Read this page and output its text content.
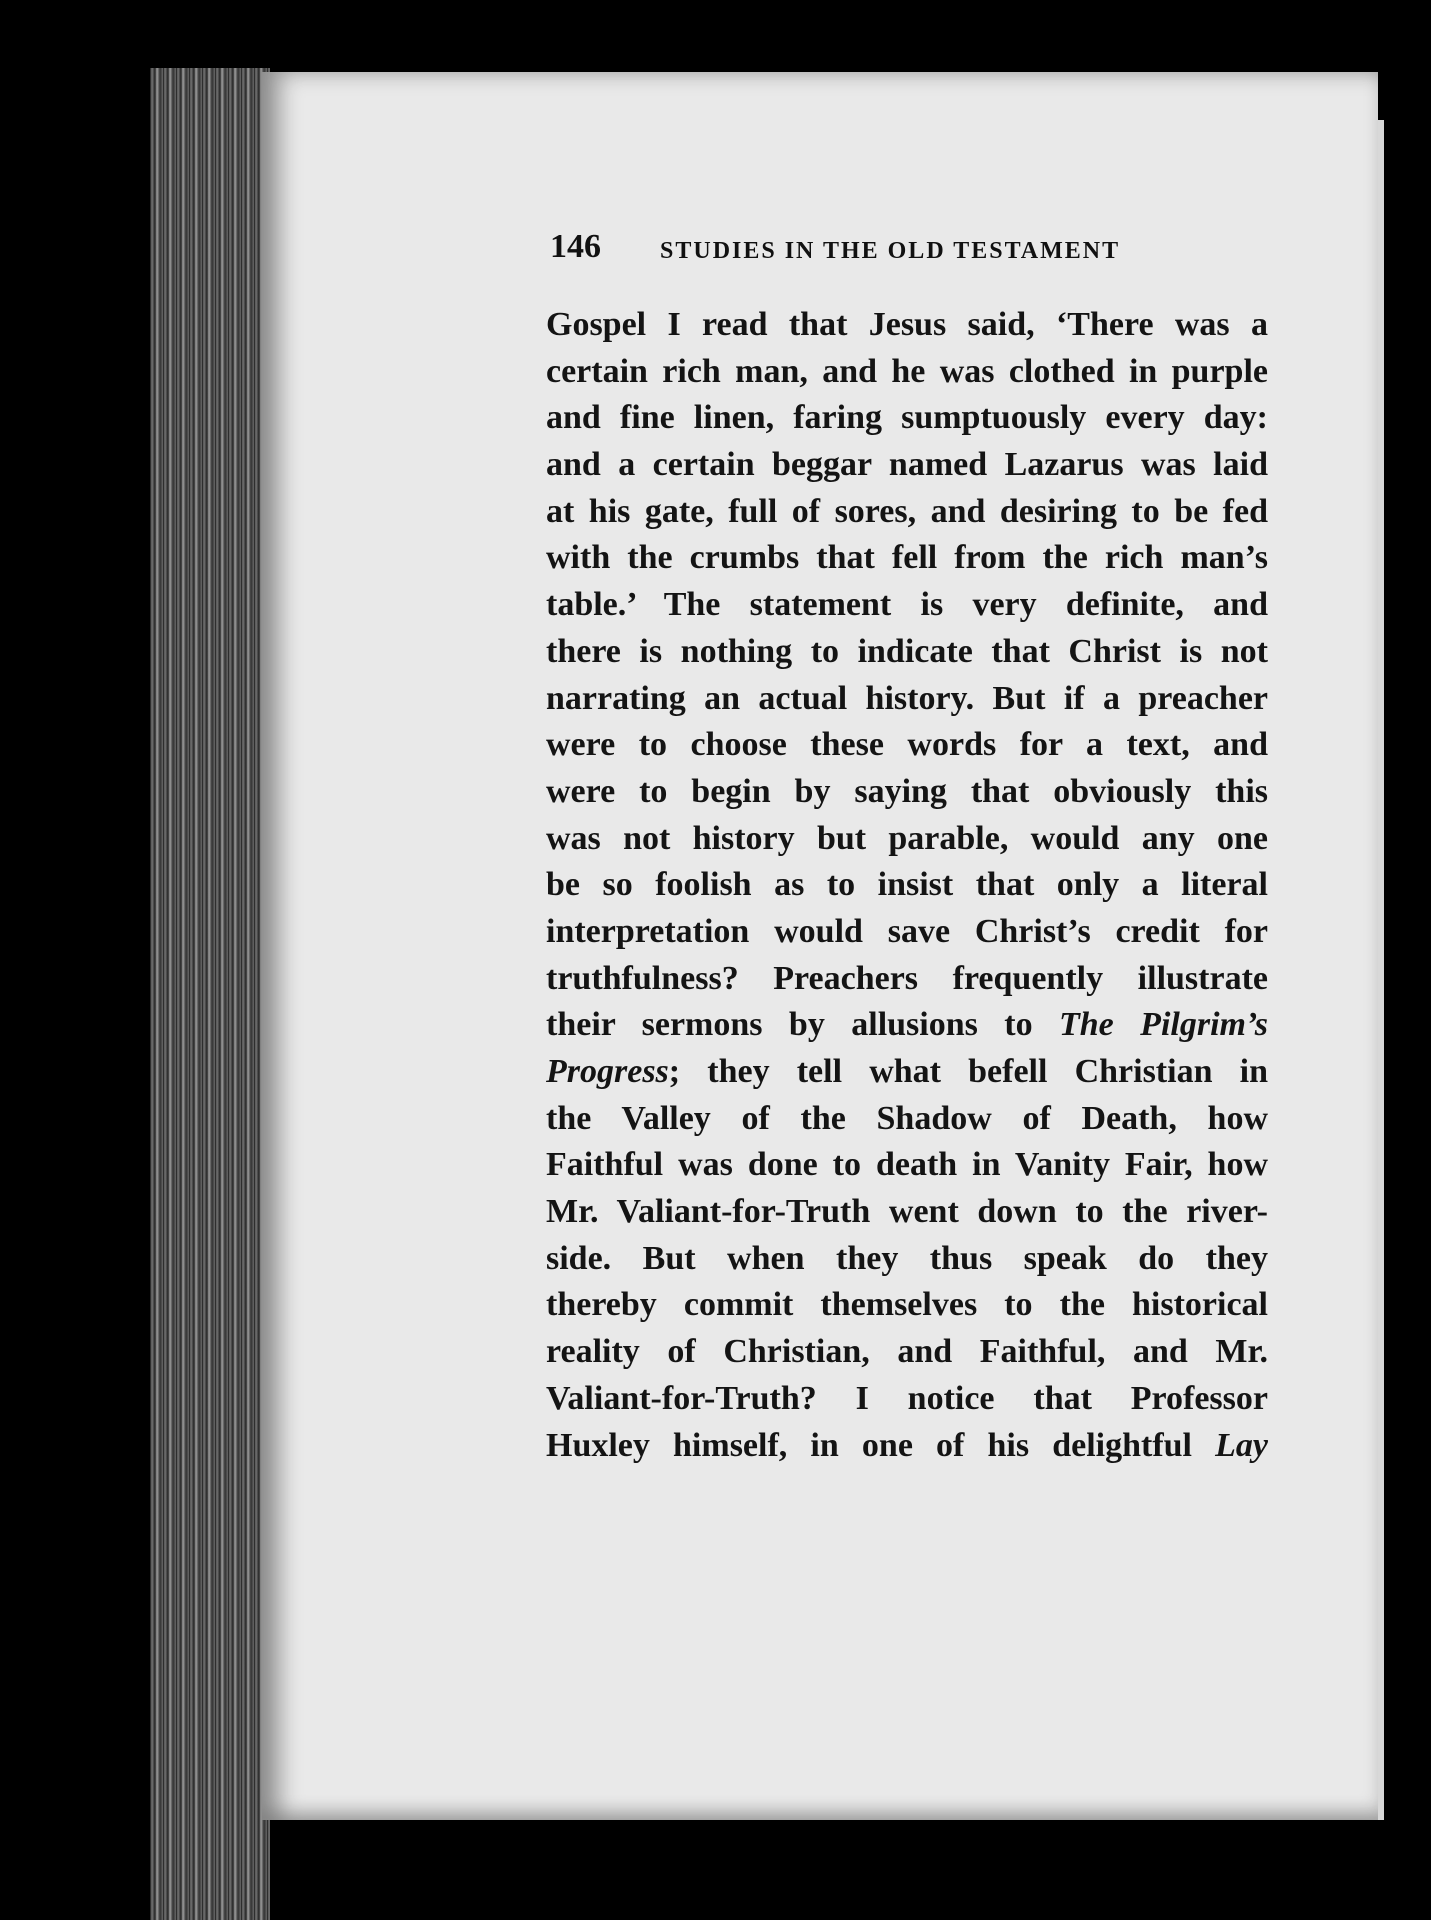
146 STUDIES IN THE OLD TESTAMENT
Gospel I read that Jesus said, ‘There was a
certain rich man, and he was clothed in purple
and fine linen, faring sumptuously every day:
and a certain beggar named Lazarus was laid
at his gate, full of sores, and desiring to be fed
with the crumbs that fell from the rich man’s
table.’ The statement is very definite, and
there is nothing to indicate that Christ is not
narrating an actual history. But if a preacher
were to choose these words for a text, and
were to begin by saying that obviously this
was not history but parable, would any one
be so foolish as to insist that only a literal
interpretation would save Christ’s credit for
truthfulness? Preachers frequently illustrate
their sermons by allusions to The Pilgrim’s
Progress; they tell what befell Christian in
the Valley of the Shadow of Death, how
Faithful was done to death in Vanity Fair, how
Mr. Valiant-for-Truth went down to the river-
side. But when they thus speak do they
thereby commit themselves to the historical
reality of Christian, and Faithful, and Mr.
Valiant-for-Truth? I notice that Professor
Huxley himself, in one of his delightful Lay
